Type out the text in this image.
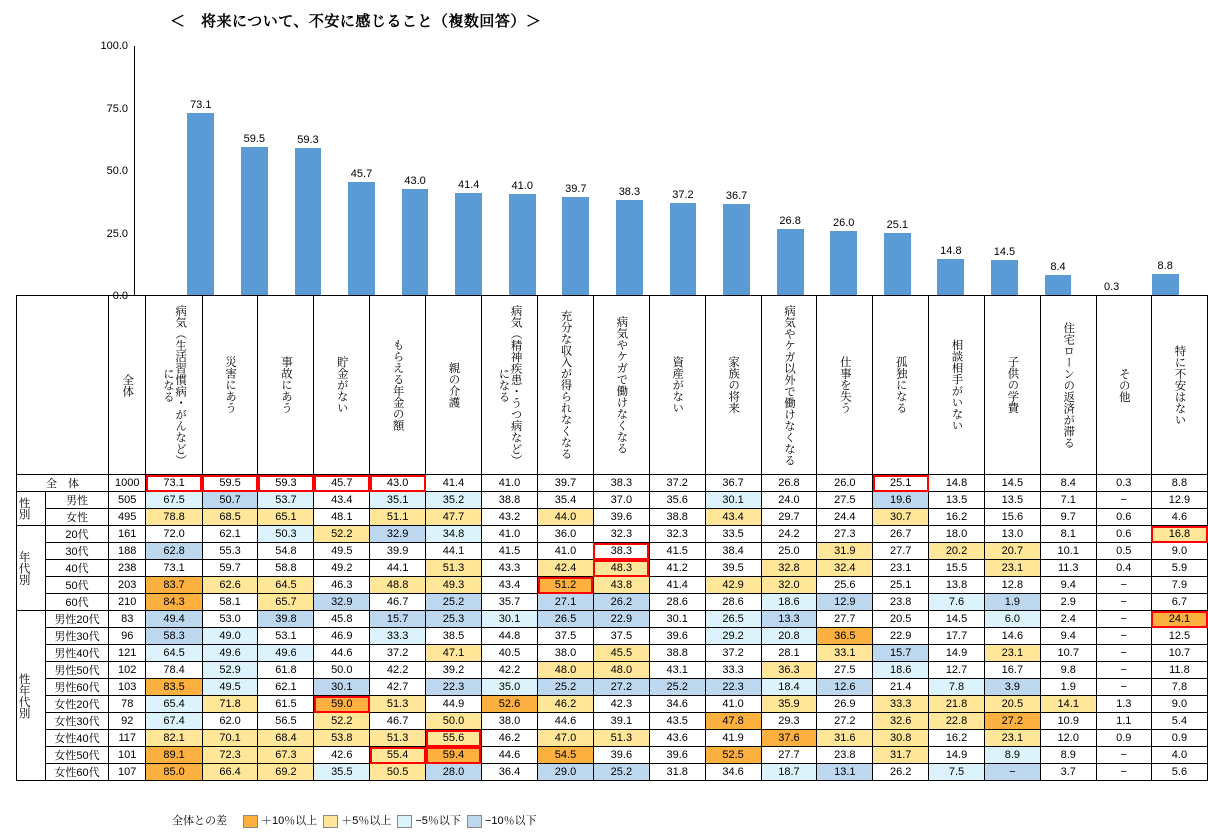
＜　将来について、不安に感じること（複数回答）＞
100.0
75.0
50.0
25.0
0.0
73.1
59.5	59.3
45.7
43.0	41.4	41.0	39.7	38.3	37.2	36.7
26.8	26.0	25.1
14.8	14.5
8.4
0.3
8.8

		全体	病気（生活習慣病・がんなど）になる	災害にあう	事故にあう	貯金がない	もらえる年金の額	親の介護	病気（精神疾患・うつ病など）になる	充分な収入が得られなくなる	病気やケガで働けなくなる	資産がない	家族の将来	病気やケガ以外で働けなくなる	仕事を失う	孤独になる	相談相手がいない	子供の学費	住宅ローンの返済が滞る	その他	特に不安はない

全　体		1000	73.1	59.5	59.3	45.7	43.0	41.4	41.0	39.7	38.3	37.2	36.7	26.8	26.0	25.1	14.8	14.5	8.4	0.3	8.8

性別	男性	505	67.5	50.7	53.7	43.4	35.1	35.2	38.8	35.4	37.0	35.6	30.1	24.0	27.5	19.6	13.5	13.5	7.1	−	12.9
	女性	495	78.8	68.5	65.1	48.1	51.1	47.7	43.2	44.0	39.6	38.8	43.4	29.7	24.4	30.7	16.2	15.6	9.7	0.6	4.6

年代別	20代	161	72.0	62.1	50.3	52.2	32.9	34.8	41.0	36.0	32.3	32.3	33.5	24.2	27.3	26.7	18.0	13.0	8.1	0.6	16.8
	30代	188	62.8	55.3	54.8	49.5	39.9	44.1	41.5	41.0	38.3	41.5	38.4	25.0	31.9	27.7	20.2	20.7	10.1	0.5	9.0
	40代	238	73.1	59.7	58.8	49.2	44.1	51.3	43.3	42.4	48.3	41.2	39.5	32.8	32.4	23.1	15.5	23.1	11.3	0.4	5.9
	50代	203	83.7	62.6	64.5	46.3	48.8	49.3	43.4	51.2	43.8	41.4	42.9	32.0	25.6	25.1	13.8	12.8	9.4	−	7.9
	60代	210	84.3	58.1	65.7	32.9	46.7	25.2	35.7	27.1	26.2	28.6	28.6	18.6	12.9	23.8	7.6	1.9	2.9	−	6.7

性年代別	男性20代	83	49.4	53.0	39.8	45.8	15.7	25.3	30.1	26.5	22.9	30.1	26.5	13.3	27.7	20.5	14.5	6.0	2.4	−	24.1
	男性30代	96	58.3	49.0	53.1	46.9	33.3	38.5	44.8	37.5	37.5	39.6	29.2	20.8	36.5	22.9	17.7	14.6	9.4	−	12.5
	男性40代	121	64.5	49.6	49.6	44.6	37.2	47.1	40.5	38.0	45.5	38.8	37.2	28.1	33.1	15.7	14.9	23.1	10.7	−	10.7
	男性50代	102	78.4	52.9	61.8	50.0	42.2	39.2	42.2	48.0	48.0	43.1	33.3	36.3	27.5	18.6	12.7	16.7	9.8	−	11.8
	男性60代	103	83.5	49.5	62.1	30.1	42.7	22.3	35.0	25.2	27.2	25.2	22.3	18.4	12.6	21.4	7.8	3.9	1.9	−	7.8
	女性20代	78	65.4	71.8	61.5	59.0	51.3	44.9	52.6	46.2	42.3	34.6	41.0	35.9	26.9	33.3	21.8	20.5	14.1	1.3	9.0
	女性30代	92	67.4	62.0	56.5	52.2	46.7	50.0	38.0	44.6	39.1	43.5	47.8	29.3	27.2	32.6	22.8	27.2	10.9	1.1	5.4
	女性40代	117	82.1	70.1	68.4	53.8	51.3	55.6	46.2	47.0	51.3	43.6	41.9	37.6	31.6	30.8	16.2	23.1	12.0	0.9	0.9
	女性50代	101	89.1	72.3	67.3	42.6	55.4	59.4	44.6	54.5	39.6	39.6	52.5	27.7	23.8	31.7	14.9	8.9	8.9	−	4.0
	女性60代	107	85.0	66.4	69.2	35.5	50.5	28.0	36.4	29.0	25.2	31.8	34.6	18.7	13.1	26.2	7.5	−	3.7	−	5.6
全体との差	＋10％以上	＋5％以上	−5％以下	−10％以下
